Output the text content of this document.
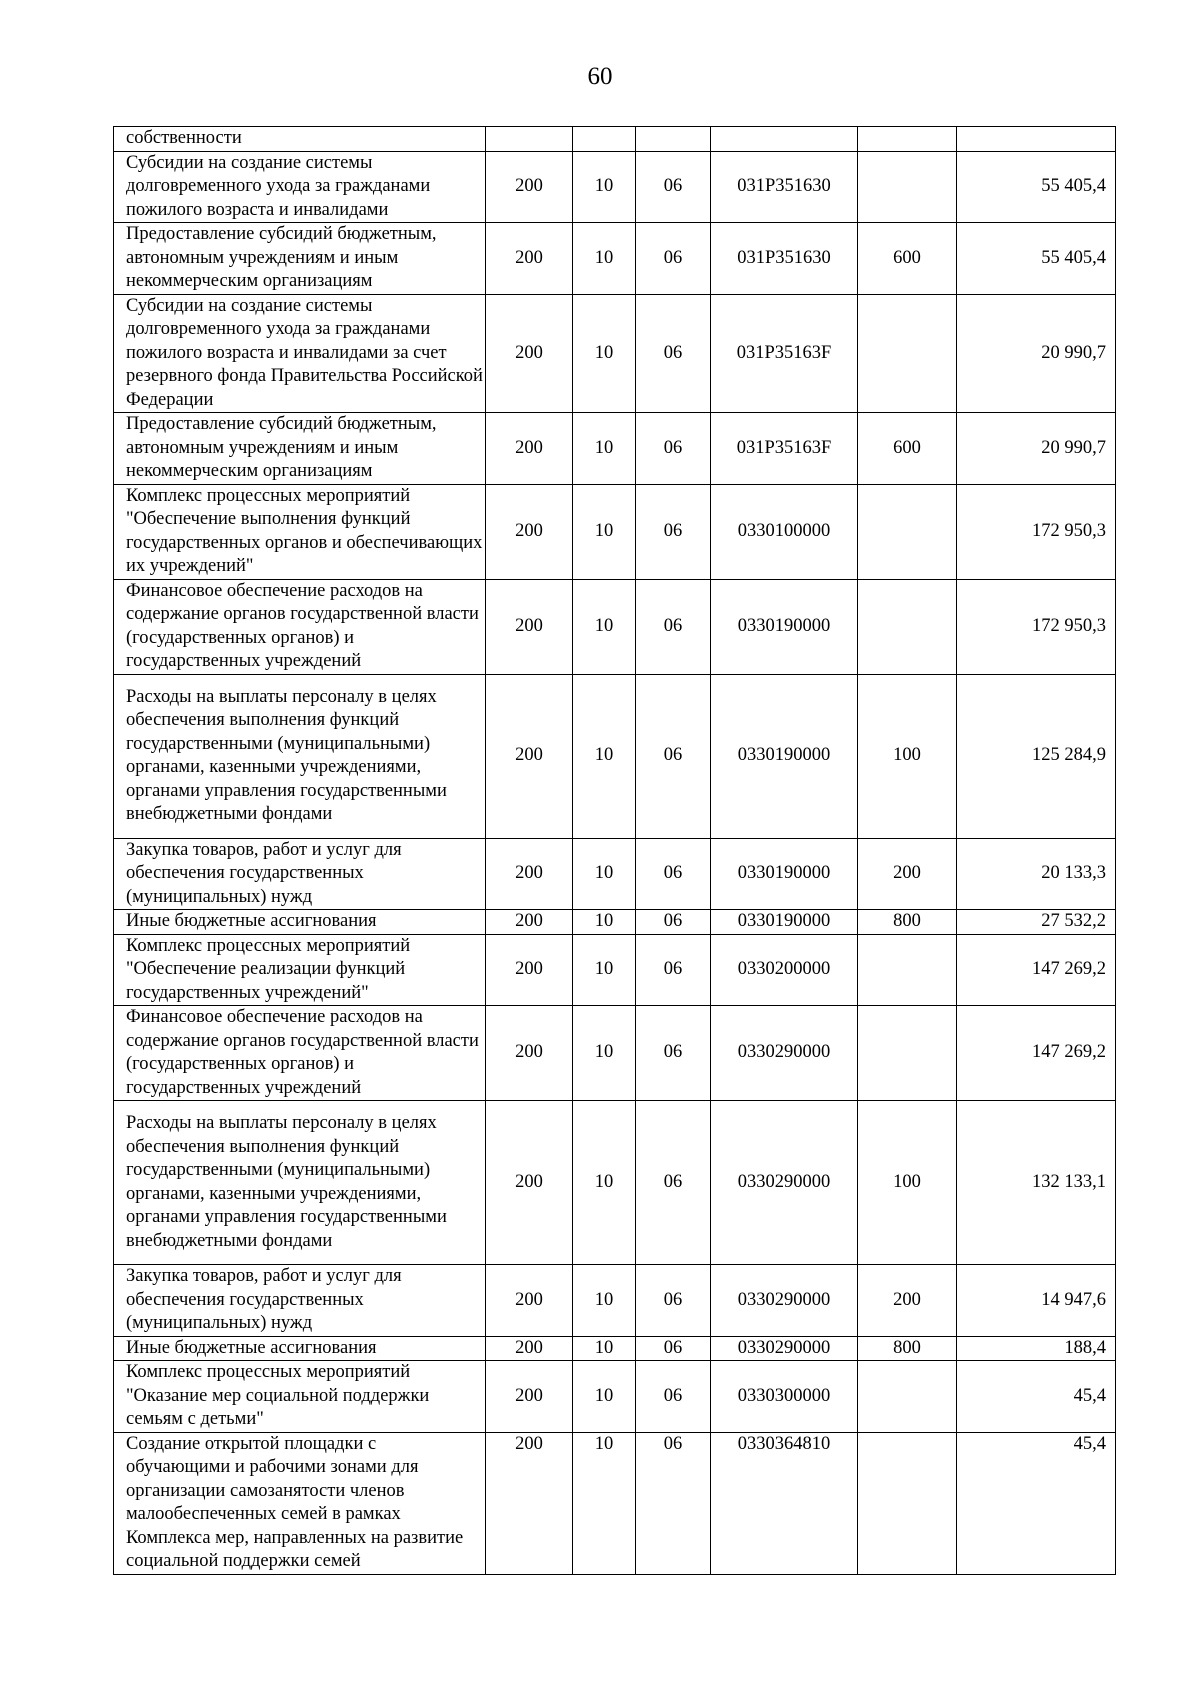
60
собственности						
Субсидии на создание системы долговременного ухода за гражданами пожилого возраста и инвалидами	200	10	06	031P351630		55 405,4
Предоставление субсидий бюджетным, автономным учреждениям и иным некоммерческим организациям	200	10	06	031P351630	600	55 405,4
Субсидии на создание системы долговременного ухода за гражданами пожилого возраста и инвалидами за счет резервного фонда Правительства Российской Федерации	200	10	06	031P35163F		20 990,7
Предоставление субсидий бюджетным, автономным учреждениям и иным некоммерческим организациям	200	10	06	031P35163F	600	20 990,7
Комплекс процессных мероприятий "Обеспечение выполнения функций государственных органов и обеспечивающих их учреждений"	200	10	06	0330100000		172 950,3
Финансовое обеспечение расходов на содержание органов государственной власти (государственных органов) и государственных учреждений	200	10	06	0330190000		172 950,3
Расходы на выплаты персоналу в целях обеспечения выполнения функций государственными (муниципальными) органами, казенными учреждениями, органами управления государственными внебюджетными фондами	200	10	06	0330190000	100	125 284,9
Закупка товаров, работ и услуг для обеспечения государственных (муниципальных) нужд	200	10	06	0330190000	200	20 133,3
Иные бюджетные ассигнования	200	10	06	0330190000	800	27 532,2
Комплекс процессных мероприятий "Обеспечение реализации функций государственных учреждений"	200	10	06	0330200000		147 269,2
Финансовое обеспечение расходов на содержание органов государственной власти (государственных органов) и государственных учреждений	200	10	06	0330290000		147 269,2
Расходы на выплаты персоналу в целях обеспечения выполнения функций государственными (муниципальными) органами, казенными учреждениями, органами управления государственными внебюджетными фондами	200	10	06	0330290000	100	132 133,1
Закупка товаров, работ и услуг для обеспечения государственных (муниципальных) нужд	200	10	06	0330290000	200	14 947,6
Иные бюджетные ассигнования	200	10	06	0330290000	800	188,4
Комплекс процессных мероприятий "Оказание мер социальной поддержки семьям с детьми"	200	10	06	0330300000		45,4
Создание открытой площадки с обучающими и рабочими зонами для организации самозанятости членов малообеспеченных семей в рамках Комплекса мер, направленных на развитие социальной поддержки семей	200	10	06	0330364810		45,4
